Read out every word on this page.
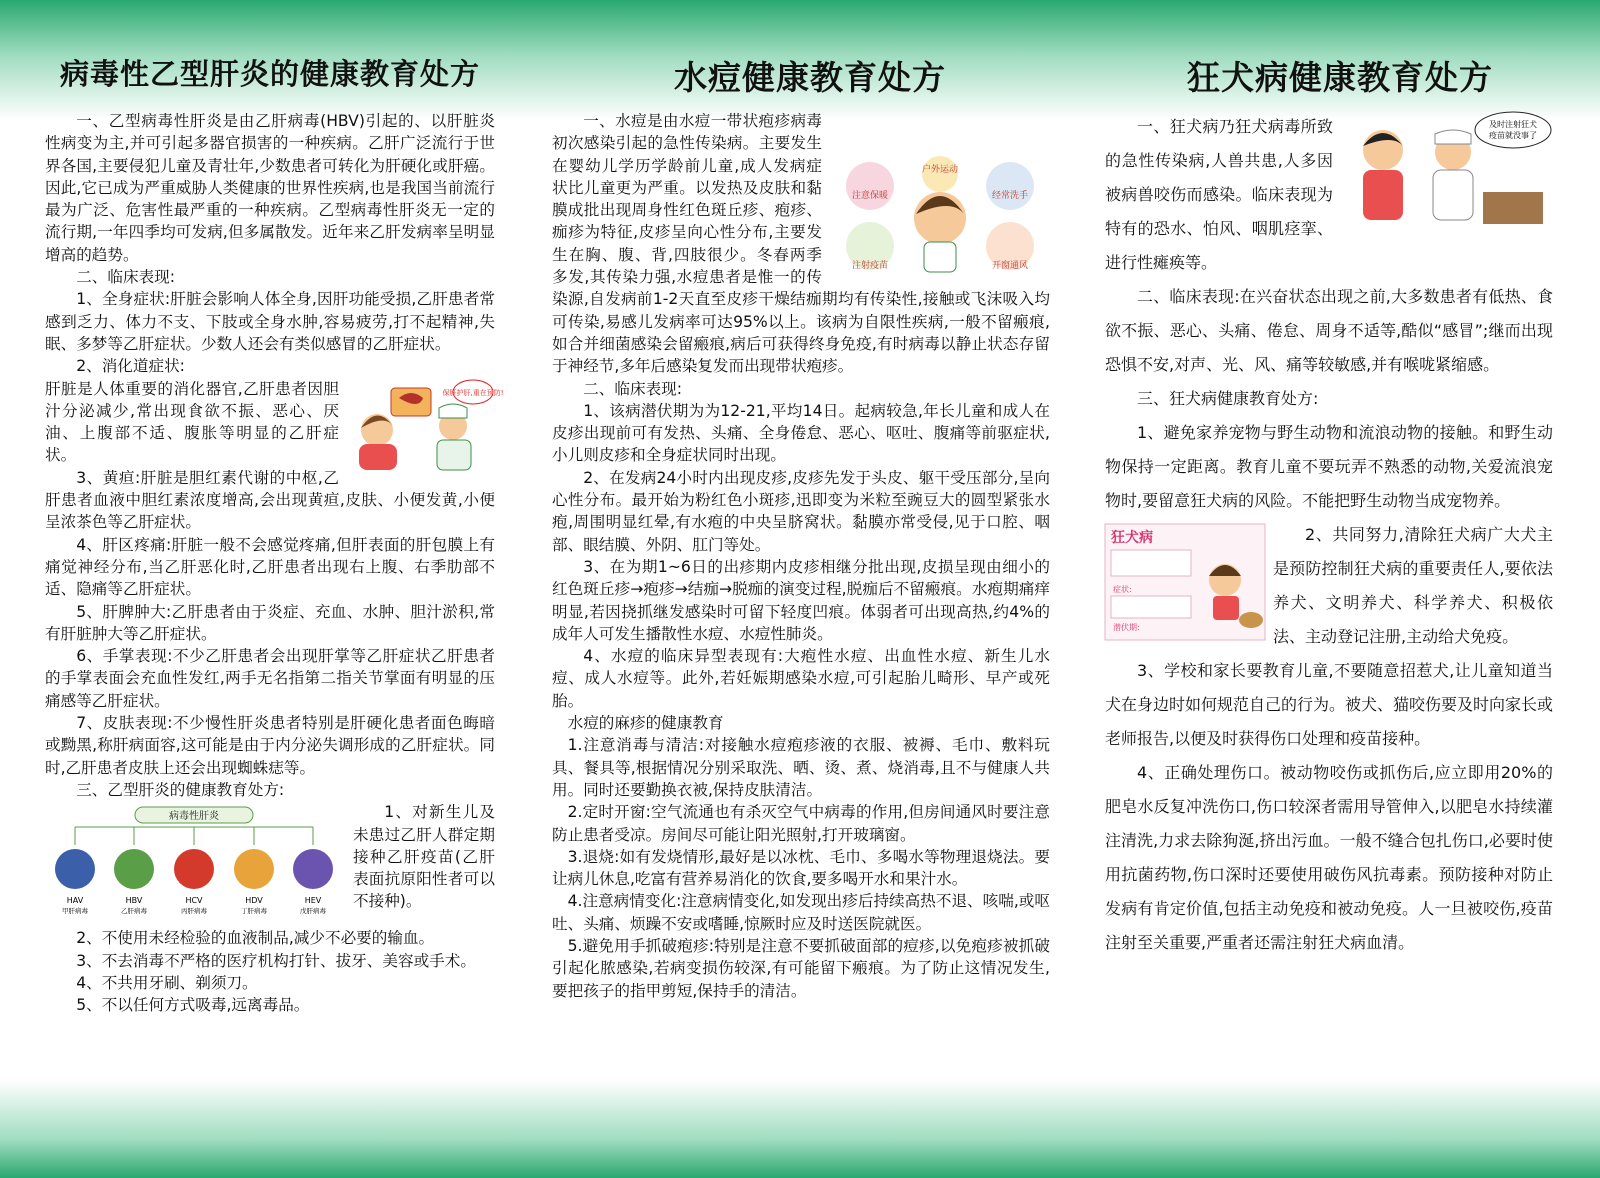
病毒性乙型肝炎的健康教育处方

一、乙型病毒性肝炎是由乙肝病毒(HBV)引起的、以肝脏炎性病变为主,并可引起多器官损害的一种疾病。乙肝广泛流行于世界各国,主要侵犯儿童及青壮年,少数患者可转化为肝硬化或肝癌。因此,它已成为严重威胁人类健康的世界性疾病,也是我国当前流行最为广泛、危害性最严重的一种疾病。乙型病毒性肝炎无一定的流行期,一年四季均可发病,但多属散发。近年来乙肝发病率呈明显增高的趋势。

二、临床表现:

1、全身症状:肝脏会影响人体全身,因肝功能受损,乙肝患者常感到乏力、体力不支、下肢或全身水肿,容易疲劳,打不起精神,失眠、多梦等乙肝症状。少数人还会有类似感冒的乙肝症状。

2、消化道症状:

保肝护肝,重在预防!

肝脏是人体重要的消化器官,乙肝患者因胆汁分泌减少,常出现食欲不振、恶心、厌油、上腹部不适、腹胀等明显的乙肝症状。

3、黄疸:肝脏是胆红素代谢的中枢,乙肝患者血液中胆红素浓度增高,会出现黄疸,皮肤、小便发黄,小便呈浓茶色等乙肝症状。

4、肝区疼痛:肝脏一般不会感觉疼痛,但肝表面的肝包膜上有痛觉神经分布,当乙肝恶化时,乙肝患者出现右上腹、右季肋部不适、隐痛等乙肝症状。

5、肝脾肿大:乙肝患者由于炎症、充血、水肿、胆汁淤积,常有肝脏肿大等乙肝症状。

6、手掌表现:不少乙肝患者会出现肝掌等乙肝症状乙肝患者的手掌表面会充血性发红,两手无名指第二指关节掌面有明显的压痛感等乙肝症状。

7、皮肤表现:不少慢性肝炎患者特别是肝硬化患者面色晦暗或黝黑,称肝病面容,这可能是由于内分泌失调形成的乙肝症状。同时,乙肝患者皮肤上还会出现蜘蛛痣等。

三、乙型肝炎的健康教育处方:

病毒性肝炎
HAV
甲肝病毒
HBV
乙肝病毒
HCV
丙肝病毒
HDV
丁肝病毒
HEV
戊肝病毒

1、对新生儿及未患过乙肝人群定期接种乙肝疫苗(乙肝表面抗原阳性者可以不接种)。

2、不使用未经检验的血液制品,减少不必要的输血。

3、不去消毒不严格的医疗机构打针、拔牙、美容或手术。

4、不共用牙刷、剃须刀。

5、不以任何方式吸毒,远离毒品。

水痘健康教育处方
注意保暖
户外运动
经常洗手
注射疫苗	开窗通风

一、水痘是由水痘一带状疱疹病毒初次感染引起的急性传染病。主要发生在婴幼儿学历学龄前儿童,成人发病症状比儿童更为严重。以发热及皮肤和黏膜成批出现周身性红色斑丘疹、疱疹、痂疹为特征,皮疹呈向心性分布,主要发生在胸、腹、背,四肢很少。冬春两季多发,其传染力强,水痘患者是惟一的传染源,自发病前1-2天直至皮疹干燥结痂期均有传染性,接触或飞沫吸入均可传染,易感儿发病率可达95%以上。该病为自限性疾病,一般不留瘢痕,如合并细菌感染会留瘢痕,病后可获得终身免疫,有时病毒以静止状态存留于神经节,多年后感染复发而出现带状疱疹。

二、临床表现:

1、该病潜伏期为为12-21,平均14日。起病较急,年长儿童和成人在皮疹出现前可有发热、头痛、全身倦怠、恶心、呕吐、腹痛等前驱症状,小儿则皮疹和全身症状同时出现。

2、在发病24小时内出现皮疹,皮疹先发于头皮、躯干受压部分,呈向心性分布。最开始为粉红色小斑疹,迅即变为米粒至豌豆大的圆型紧张水疱,周围明显红晕,有水疱的中央呈脐窝状。黏膜亦常受侵,见于口腔、咽部、眼结膜、外阴、肛门等处。

3、在为期1~6日的出疹期内皮疹相继分批出现,皮损呈现由细小的红色斑丘疹→疱疹→结痂→脱痂的演变过程,脱痂后不留瘢痕。水疱期痛痒明显,若因挠抓继发感染时可留下轻度凹痕。体弱者可出现高热,约4%的成年人可发生播散性水痘、水痘性肺炎。

4、水痘的临床异型表现有:大疱性水痘、出血性水痘、新生儿水痘、成人水痘等。此外,若妊娠期感染水痘,可引起胎儿畸形、早产或死胎。

水痘的麻疹的健康教育

1.注意消毒与清洁:对接触水痘疱疹液的衣服、被褥、毛巾、敷料玩具、餐具等,根据情况分别采取洗、晒、烫、煮、烧消毒,且不与健康人共用。同时还要勤换衣被,保持皮肤清洁。

2.定时开窗:空气流通也有杀灭空气中病毒的作用,但房间通风时要注意防止患者受凉。房间尽可能让阳光照射,打开玻璃窗。

3.退烧:如有发烧情形,最好是以冰枕、毛巾、多喝水等物理退烧法。要让病儿休息,吃富有营养易消化的饮食,要多喝开水和果汁水。

4.注意病情变化:注意病情变化,如发现出疹后持续高热不退、咳喘,或呕吐、头痛、烦躁不安或嗜睡,惊厥时应及时送医院就医。

5.避免用手抓破疱疹:特别是注意不要抓破面部的痘疹,以免疱疹被抓破引起化脓感染,若病变损伤较深,有可能留下瘢痕。为了防止这情况发生,要把孩子的指甲剪短,保持手的清洁。

狂犬病健康教育处方
及时注射狂犬
疫苗就没事了

一、狂犬病乃狂犬病毒所致的急性传染病,人兽共患,人多因被病兽咬伤而感染。临床表现为特有的恐水、怕风、咽肌痉挛、进行性瘫痪等。

二、临床表现:在兴奋状态出现之前,大多数患者有低热、食欲不振、恶心、头痛、倦怠、周身不适等,酷似“感冒”;继而出现恐惧不安,对声、光、风、痛等较敏感,并有喉咙紧缩感。

三、狂犬病健康教育处方:

1、避免家养宠物与野生动物和流浪动物的接触。和野生动物保持一定距离。教育儿童不要玩弄不熟悉的动物,关爱流浪宠物时,要留意狂犬病的风险。不能把野生动物当成宠物养。

狂犬病
症状:
潜伏期:

2、共同努力,清除狂犬病广大犬主是预防控制狂犬病的重要责任人,要依法养犬、文明养犬、科学养犬、积极依法、主动登记注册,主动给犬免疫。

3、学校和家长要教育儿童,不要随意招惹犬,让儿童知道当犬在身边时如何规范自己的行为。被犬、猫咬伤要及时向家长或老师报告,以便及时获得伤口处理和疫苗接种。

4、正确处理伤口。被动物咬伤或抓伤后,应立即用20%的肥皂水反复冲洗伤口,伤口较深者需用导管伸入,以肥皂水持续灌注清洗,力求去除狗涎,挤出污血。一般不缝合包扎伤口,必要时使用抗菌药物,伤口深时还要使用破伤风抗毒素。预防接种对防止发病有肯定价值,包括主动免疫和被动免疫。人一旦被咬伤,疫苗注射至关重要,严重者还需注射狂犬病血清。
